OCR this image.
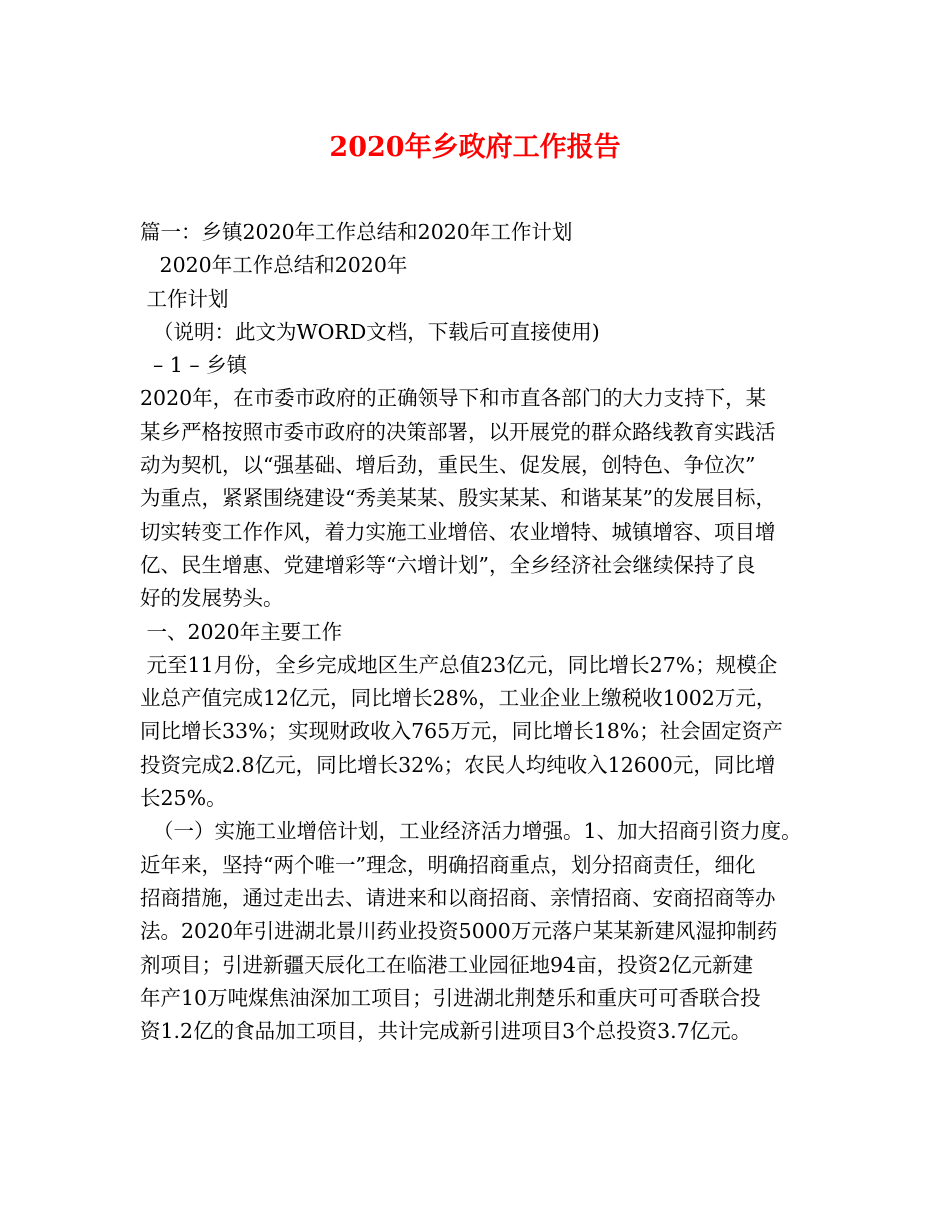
2020年乡政府工作报告
篇一：乡镇2020年工作总结和2020年工作计划
2020年工作总结和2020年
工作计划
（说明：此文为WORD文档，下载后可直接使用)
– 1 – 乡镇
2020年，在市委市政府的正确领导下和市直各部门的大力支持下，某
某乡严格按照市委市政府的决策部署，以开展党的群众路线教育实践活
动为契机，以“强基础、增后劲，重民生、促发展，创特色、争位次”
为重点，紧紧围绕建设“秀美某某、殷实某某、和谐某某”的发展目标，
切实转变工作作风，着力实施工业增倍、农业增特、城镇增容、项目增
亿、民生增惠、党建增彩等“六增计划”，全乡经济社会继续保持了良
好的发展势头。
一、2020年主要工作
元至11月份，全乡完成地区生产总值23亿元，同比增长27%；规模企
业总产值完成12亿元，同比增长28%，工业企业上缴税收1002万元，
同比增长33%；实现财政收入765万元，同比增长18%；社会固定资产
投资完成2.8亿元，同比增长32%；农民人均纯收入12600元，同比增
长25%。
（一）实施工业增倍计划，工业经济活力增强。1、加大招商引资力度。
近年来，坚持“两个唯一”理念，明确招商重点，划分招商责任，细化
招商措施，通过走出去、请进来和以商招商、亲情招商、安商招商等办
法。2020年引进湖北景川药业投资5000万元落户某某新建风湿抑制药
剂项目；引进新疆天辰化工在临港工业园征地94亩，投资2亿元新建
年产10万吨煤焦油深加工项目；引进湖北荆楚乐和重庆可可香联合投
资1.2亿的食品加工项目，共计完成新引进项目3个总投资3.7亿元。
